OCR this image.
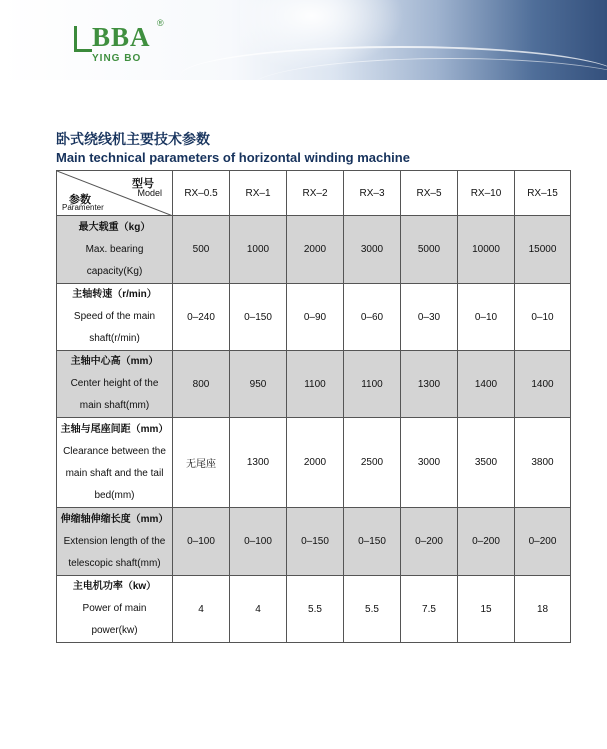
BBA ®
YING BO
卧式绕线机主要技术参数
Main technical parameters of horizontal winding machine
型号
Model
参数
Paramenter	RX–0.5	RX–1	RX–2	RX–3	RX–5	RX–10	RX–15

最大载重（kg）
Max. bearing
capacity(Kg)	500	1000	2000	3000	5000	10000	15000

主轴转速（r/min）
Speed of the main
shaft(r/min)	0–240	0–150	0–90	0–60	0–30	0–10	0–10

主轴中心高（mm）
Center height of the
main shaft(mm)	800	950	1100	1100	1300	1400	1400

主轴与尾座间距（mm）
Clearance between the
main shaft and the tail
bed(mm)	无尾座	1300	2000	2500	3000	3500	3800

伸缩轴伸缩长度（mm）
Extension length of the
telescopic shaft(mm)	0–100	0–100	0–150	0–150	0–200	0–200	0–200

主电机功率（kw）
Power of main
power(kw)	4	4	5.5	5.5	7.5	15	18
